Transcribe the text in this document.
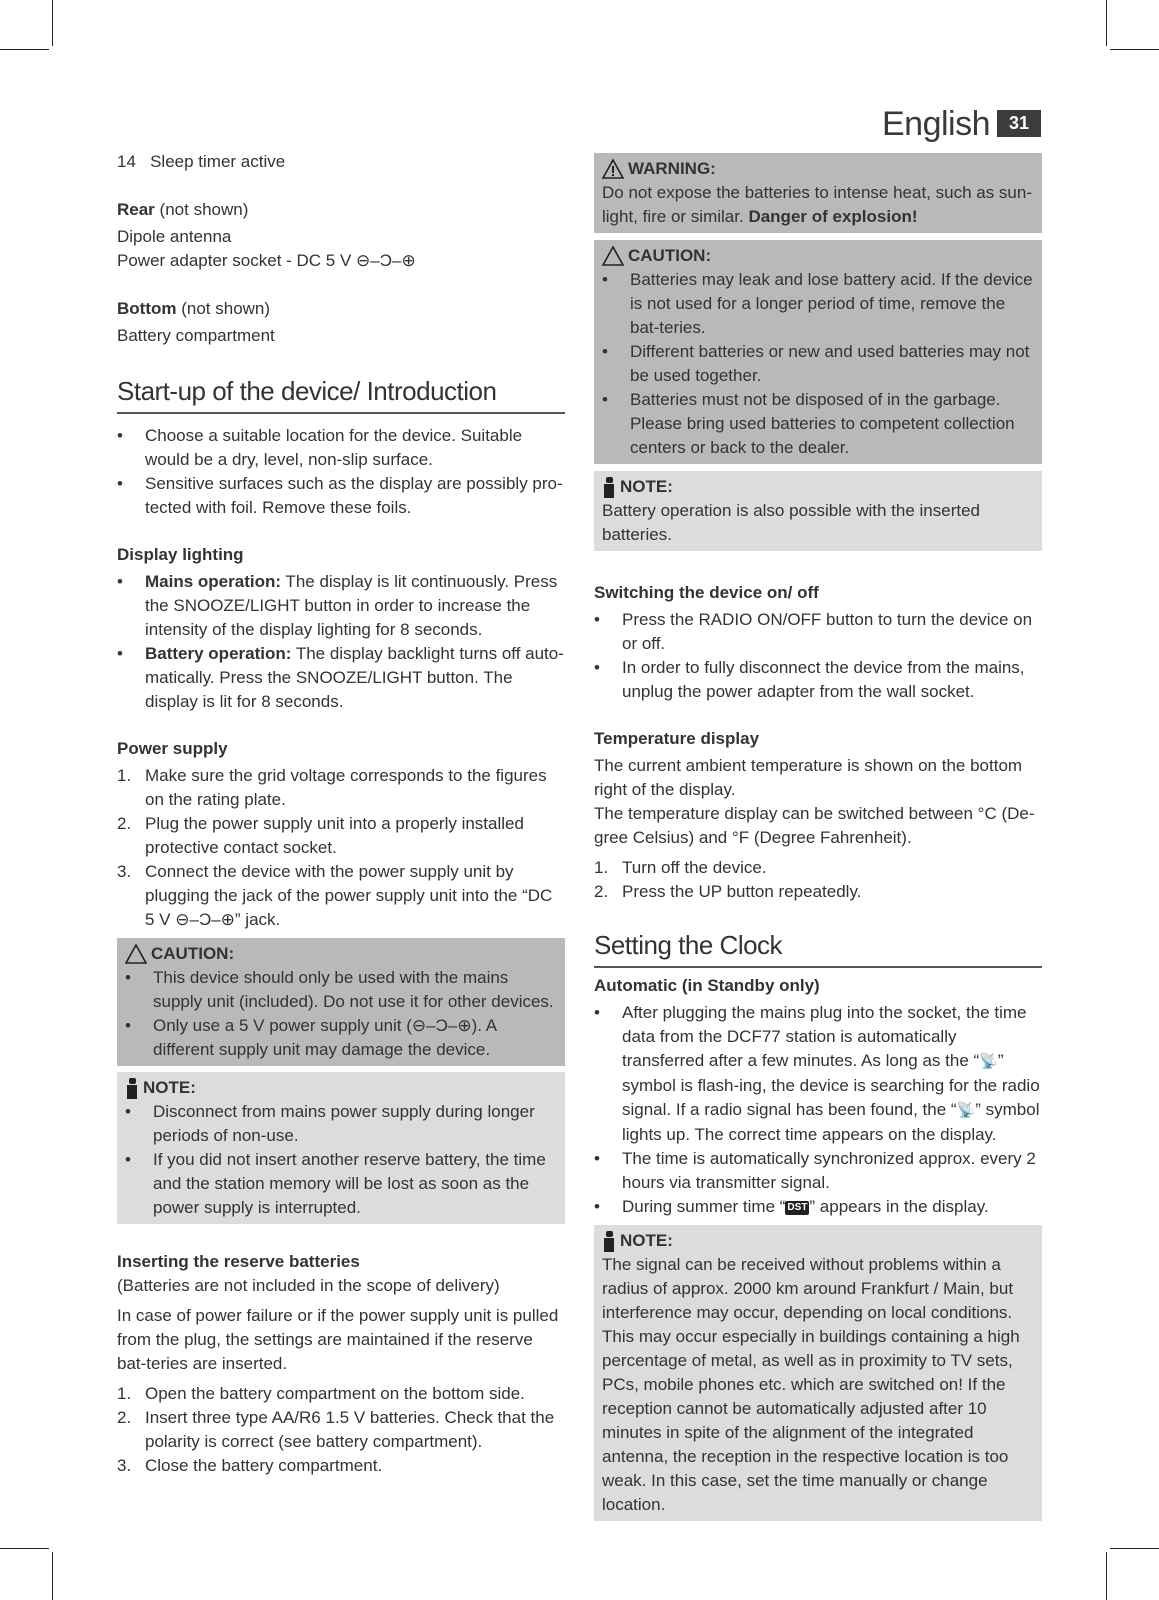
English	31

14 Sleep timer active

Rear (not shown)

Dipole antenna

Power adapter socket - DC 5 V ⊖–Ɔ–⊕

Bottom (not shown)

Battery compartment

Start-up of the device/ Introduction
• Choose a suitable location for the device. Suitable would be a dry, level, non-slip surface.
• Sensitive surfaces such as the display are possibly pro-tected with foil. Remove these foils.

Display lighting

• Mains operation: The display is lit continuously. Press the SNOOZE/LIGHT button in order to increase the intensity of the display lighting for 8 seconds.
• Battery operation: The display backlight turns off auto-matically. Press the SNOOZE/LIGHT button. The display is lit for 8 seconds.

Power supply

1. Make sure the grid voltage corresponds to the figures on the rating plate.
2. Plug the power supply unit into a properly installed protective contact socket.
3. Connect the device with the power supply unit by plugging the jack of the power supply unit into the “DC 5 V ⊖–Ɔ–⊕” jack.
CAUTION:
• This device should only be used with the mains supply unit (included). Do not use it for other devices.
• Only use a 5 V power supply unit (⊖–Ɔ–⊕). A different supply unit may damage the device.
NOTE:
• Disconnect from mains power supply during longer periods of non-use.
• If you did not insert another reserve battery, the time and the station memory will be lost as soon as the power supply is interrupted.

Inserting the reserve batteries

(Batteries are not included in the scope of delivery)

In case of power failure or if the power supply unit is pulled from the plug, the settings are maintained if the reserve bat-teries are inserted.

1. Open the battery compartment on the bottom side.
2. Insert three type AA/R6 1.5 V batteries. Check that the polarity is correct (see battery compartment).
3. Close the battery compartment.
WARNING:

Do not expose the batteries to intense heat, such as sun-light, fire or similar. Danger of explosion!

CAUTION:
• Batteries may leak and lose battery acid. If the device is not used for a longer period of time, remove the bat-teries.
• Different batteries or new and used batteries may not be used together.
• Batteries must not be disposed of in the garbage. Please bring used batteries to competent collection centers or back to the dealer.
NOTE:

Battery operation is also possible with the inserted batteries.

Switching the device on/ off

• Press the RADIO ON/OFF button to turn the device on or off.
• In order to fully disconnect the device from the mains, unplug the power adapter from the wall socket.

Temperature display

The current ambient temperature is shown on the bottom right of the display.

The temperature display can be switched between °C (De-gree Celsius) and °F (Degree Fahrenheit).

1. Turn off the device.
2. Press the UP button repeatedly.
Setting the Clock

Automatic (in Standby only)

• After plugging the mains plug into the socket, the time data from the DCF77 station is automatically transferred after a few minutes. As long as the “📡” symbol is flash-ing, the device is searching for the radio signal. If a radio signal has been found, the “📡” symbol lights up. The correct time appears on the display.
• The time is automatically synchronized approx. every 2 hours via transmitter signal.
• During summer time “ DST ” appears in the display.
NOTE:

The signal can be received without problems within a radius of approx. 2000 km around Frankfurt / Main, but interference may occur, depending on local conditions. This may occur especially in buildings containing a high percentage of metal, as well as in proximity to TV sets, PCs, mobile phones etc. which are switched on! If the reception cannot be automatically adjusted after 10 minutes in spite of the alignment of the integrated antenna, the reception in the respective location is too weak. In this case, set the time manually or change location.
